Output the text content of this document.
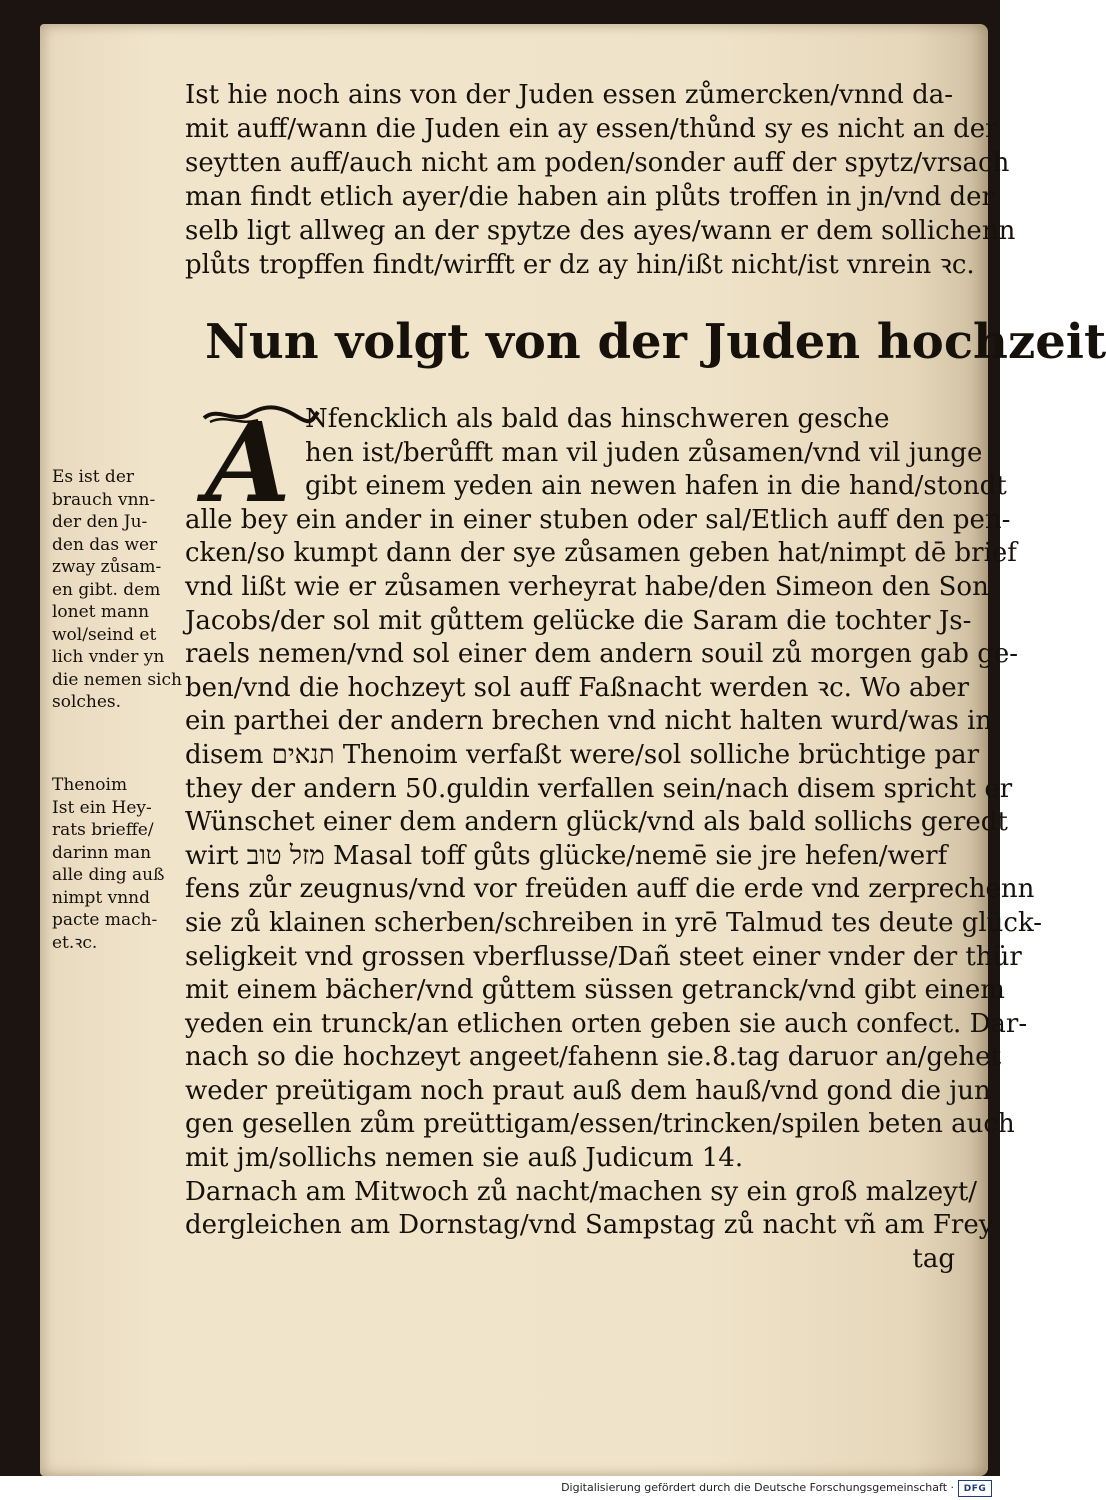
Ist hie noch ains von der Juden essen zůmercken/vnnd da-
mit auff/wann die Juden ein ay essen/thůnd sy es nicht an der
seytten auff/auch nicht am poden/sonder auff der spytz/vrsach
man findt etlich ayer/die haben ain plůts troffen in jn/vnd der
selb ligt allweg an der spytze des ayes/wann er dem sollichenn
plůts tropffen findt/wirfft er dz ay hin/ißt nicht/ist vnrein ꝛc.
Nun volgt von der Juden hochzeit
A Nfencklich als bald das hinschweren gesche
hen ist/berůfft man vil juden zůsamen/vnd vil junge
gibt einem yeden ain newen hafen in die hand/stondt
alle bey ein ander in einer stuben oder sal/Etlich auff den pen-
cken/so kumpt dann der sye zůsamen geben hat/nimpt dē brief
vnd lißt wie er zůsamen verheyrat habe/den Simeon den Son
Jacobs/der sol mit gůttem gelücke die Saram die tochter Js-
raels nemen/vnd sol einer dem andern souil zů morgen gab ge-
ben/vnd die hochzeyt sol auff Faßnacht werden ꝛc. Wo aber
ein parthei der andern brechen vnd nicht halten wurd/was in
disem תנאים Thenoim verfaßt were/sol solliche brüchtige par
they der andern 50.guldin verfallen sein/nach disem spricht er
Wünschet einer dem andern glück/vnd als bald sollichs geredt
wirt מזל טוב Masal toff gůts glücke/nemē sie jre hefen/werf
fens zůr zeugnus/vnd vor freüden auff die erde vnd zerprechenn
sie zů klainen scherben/schreiben in yrē Talmud tes deute glück-
seligkeit vnd grossen vberflusse/Dañ steet einer vnder der thür
mit einem bächer/vnd gůttem süssen getranck/vnd gibt einem
yeden ein trunck/an etlichen orten geben sie auch confect. Dar-
nach so die hochzeyt angeet/fahenn sie.8.tag daruor an/gehet
weder preütigam noch praut auß dem hauß/vnd gond die jun
gen gesellen zům preüttigam/essen/trincken/spilen beten auch
mit jm/sollichs nemen sie auß Judicum 14.
Darnach am Mitwoch zů nacht/machen sy ein groß malzeyt/
dergleichen am Dornstag/vnd Sampstag zů nacht vñ am Frey
tag
Es ist der
brauch vnn-
der den Ju-
den das wer
zway zůsam-
en gibt. dem
lonet mann
wol/seind et
lich vnder yn
die nemen sich
solches.
Thenoim
Ist ein Hey-
rats brieffe/
darinn man
alle ding auß
nimpt vnnd
pacte mach-
et.ꝛc.
Digitalisierung gefördert durch die Deutsche Forschungsgemeinschaft · DFG
